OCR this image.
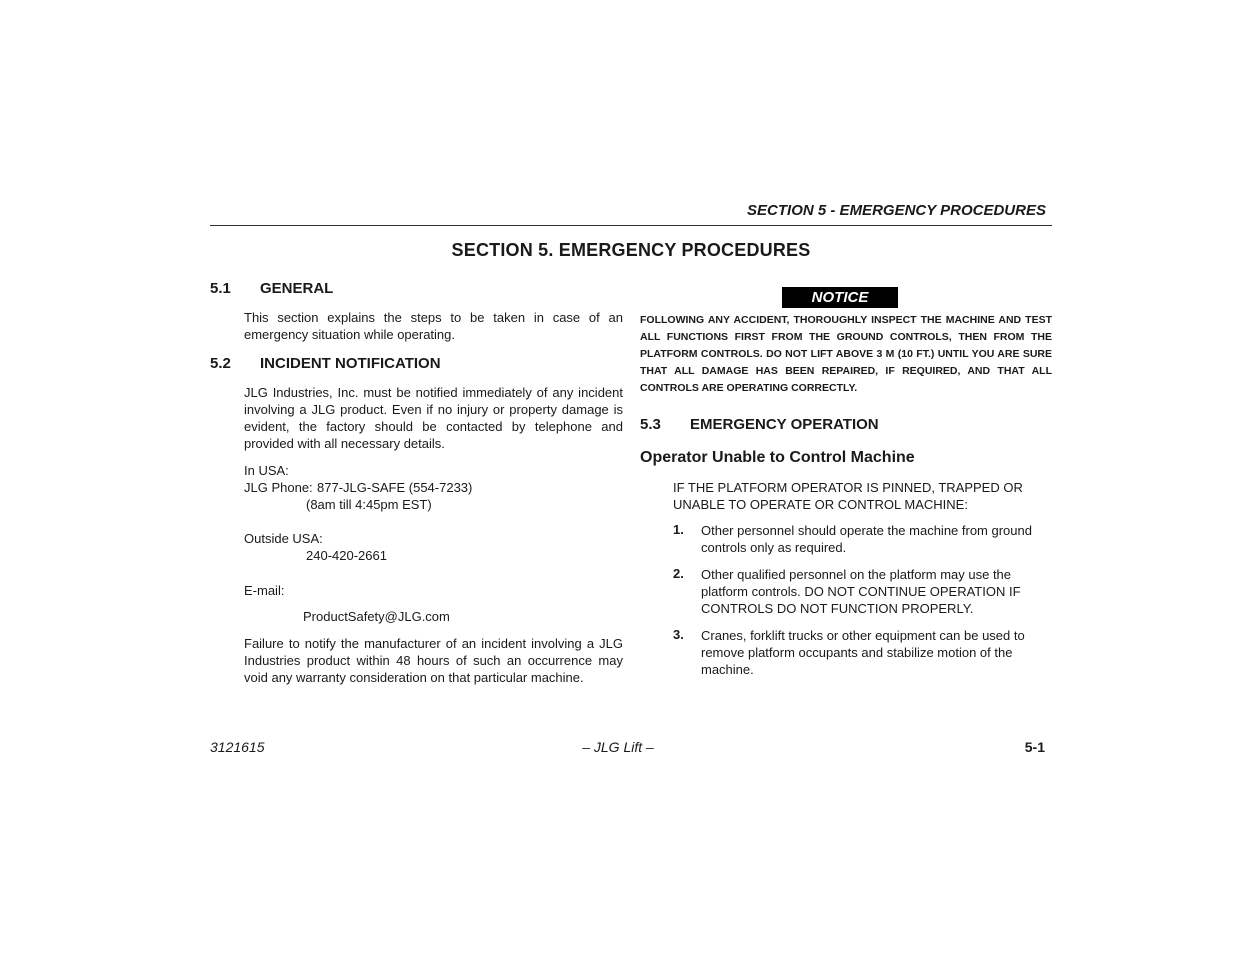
SECTION 5 - EMERGENCY PROCEDURES
SECTION 5. EMERGENCY PROCEDURES
5.1 GENERAL
This section explains the steps to be taken in case of an emergency situation while operating.
5.2 INCIDENT NOTIFICATION
JLG Industries, Inc. must be notified immediately of any incident involving a JLG product. Even if no injury or property damage is evident, the factory should be contacted by telephone and provided with all necessary details.
In USA:
JLG Phone: 877-JLG-SAFE (554-7233)
(8am till 4:45pm EST)
Outside USA:
240-420-2661
E-mail:
ProductSafety@JLG.com
Failure to notify the manufacturer of an incident involving a JLG Industries product within 48 hours of such an occurrence may void any warranty consideration on that particular machine.
NOTICE
FOLLOWING ANY ACCIDENT, THOROUGHLY INSPECT THE MACHINE AND TEST ALL FUNCTIONS FIRST FROM THE GROUND CONTROLS, THEN FROM THE PLATFORM CONTROLS. DO NOT LIFT ABOVE 3 M (10 FT.) UNTIL YOU ARE SURE THAT ALL DAMAGE HAS BEEN REPAIRED, IF REQUIRED, AND THAT ALL CONTROLS ARE OPERATING CORRECTLY.
5.3 EMERGENCY OPERATION
Operator Unable to Control Machine
IF THE PLATFORM OPERATOR IS PINNED, TRAPPED OR UNABLE TO OPERATE OR CONTROL MACHINE:
1. Other personnel should operate the machine from ground controls only as required.
2. Other qualified personnel on the platform may use the platform controls. DO NOT CONTINUE OPERATION IF CONTROLS DO NOT FUNCTION PROPERLY.
3. Cranes, forklift trucks or other equipment can be used to remove platform occupants and stabilize motion of the machine.
3121615	– JLG Lift –	5-1
